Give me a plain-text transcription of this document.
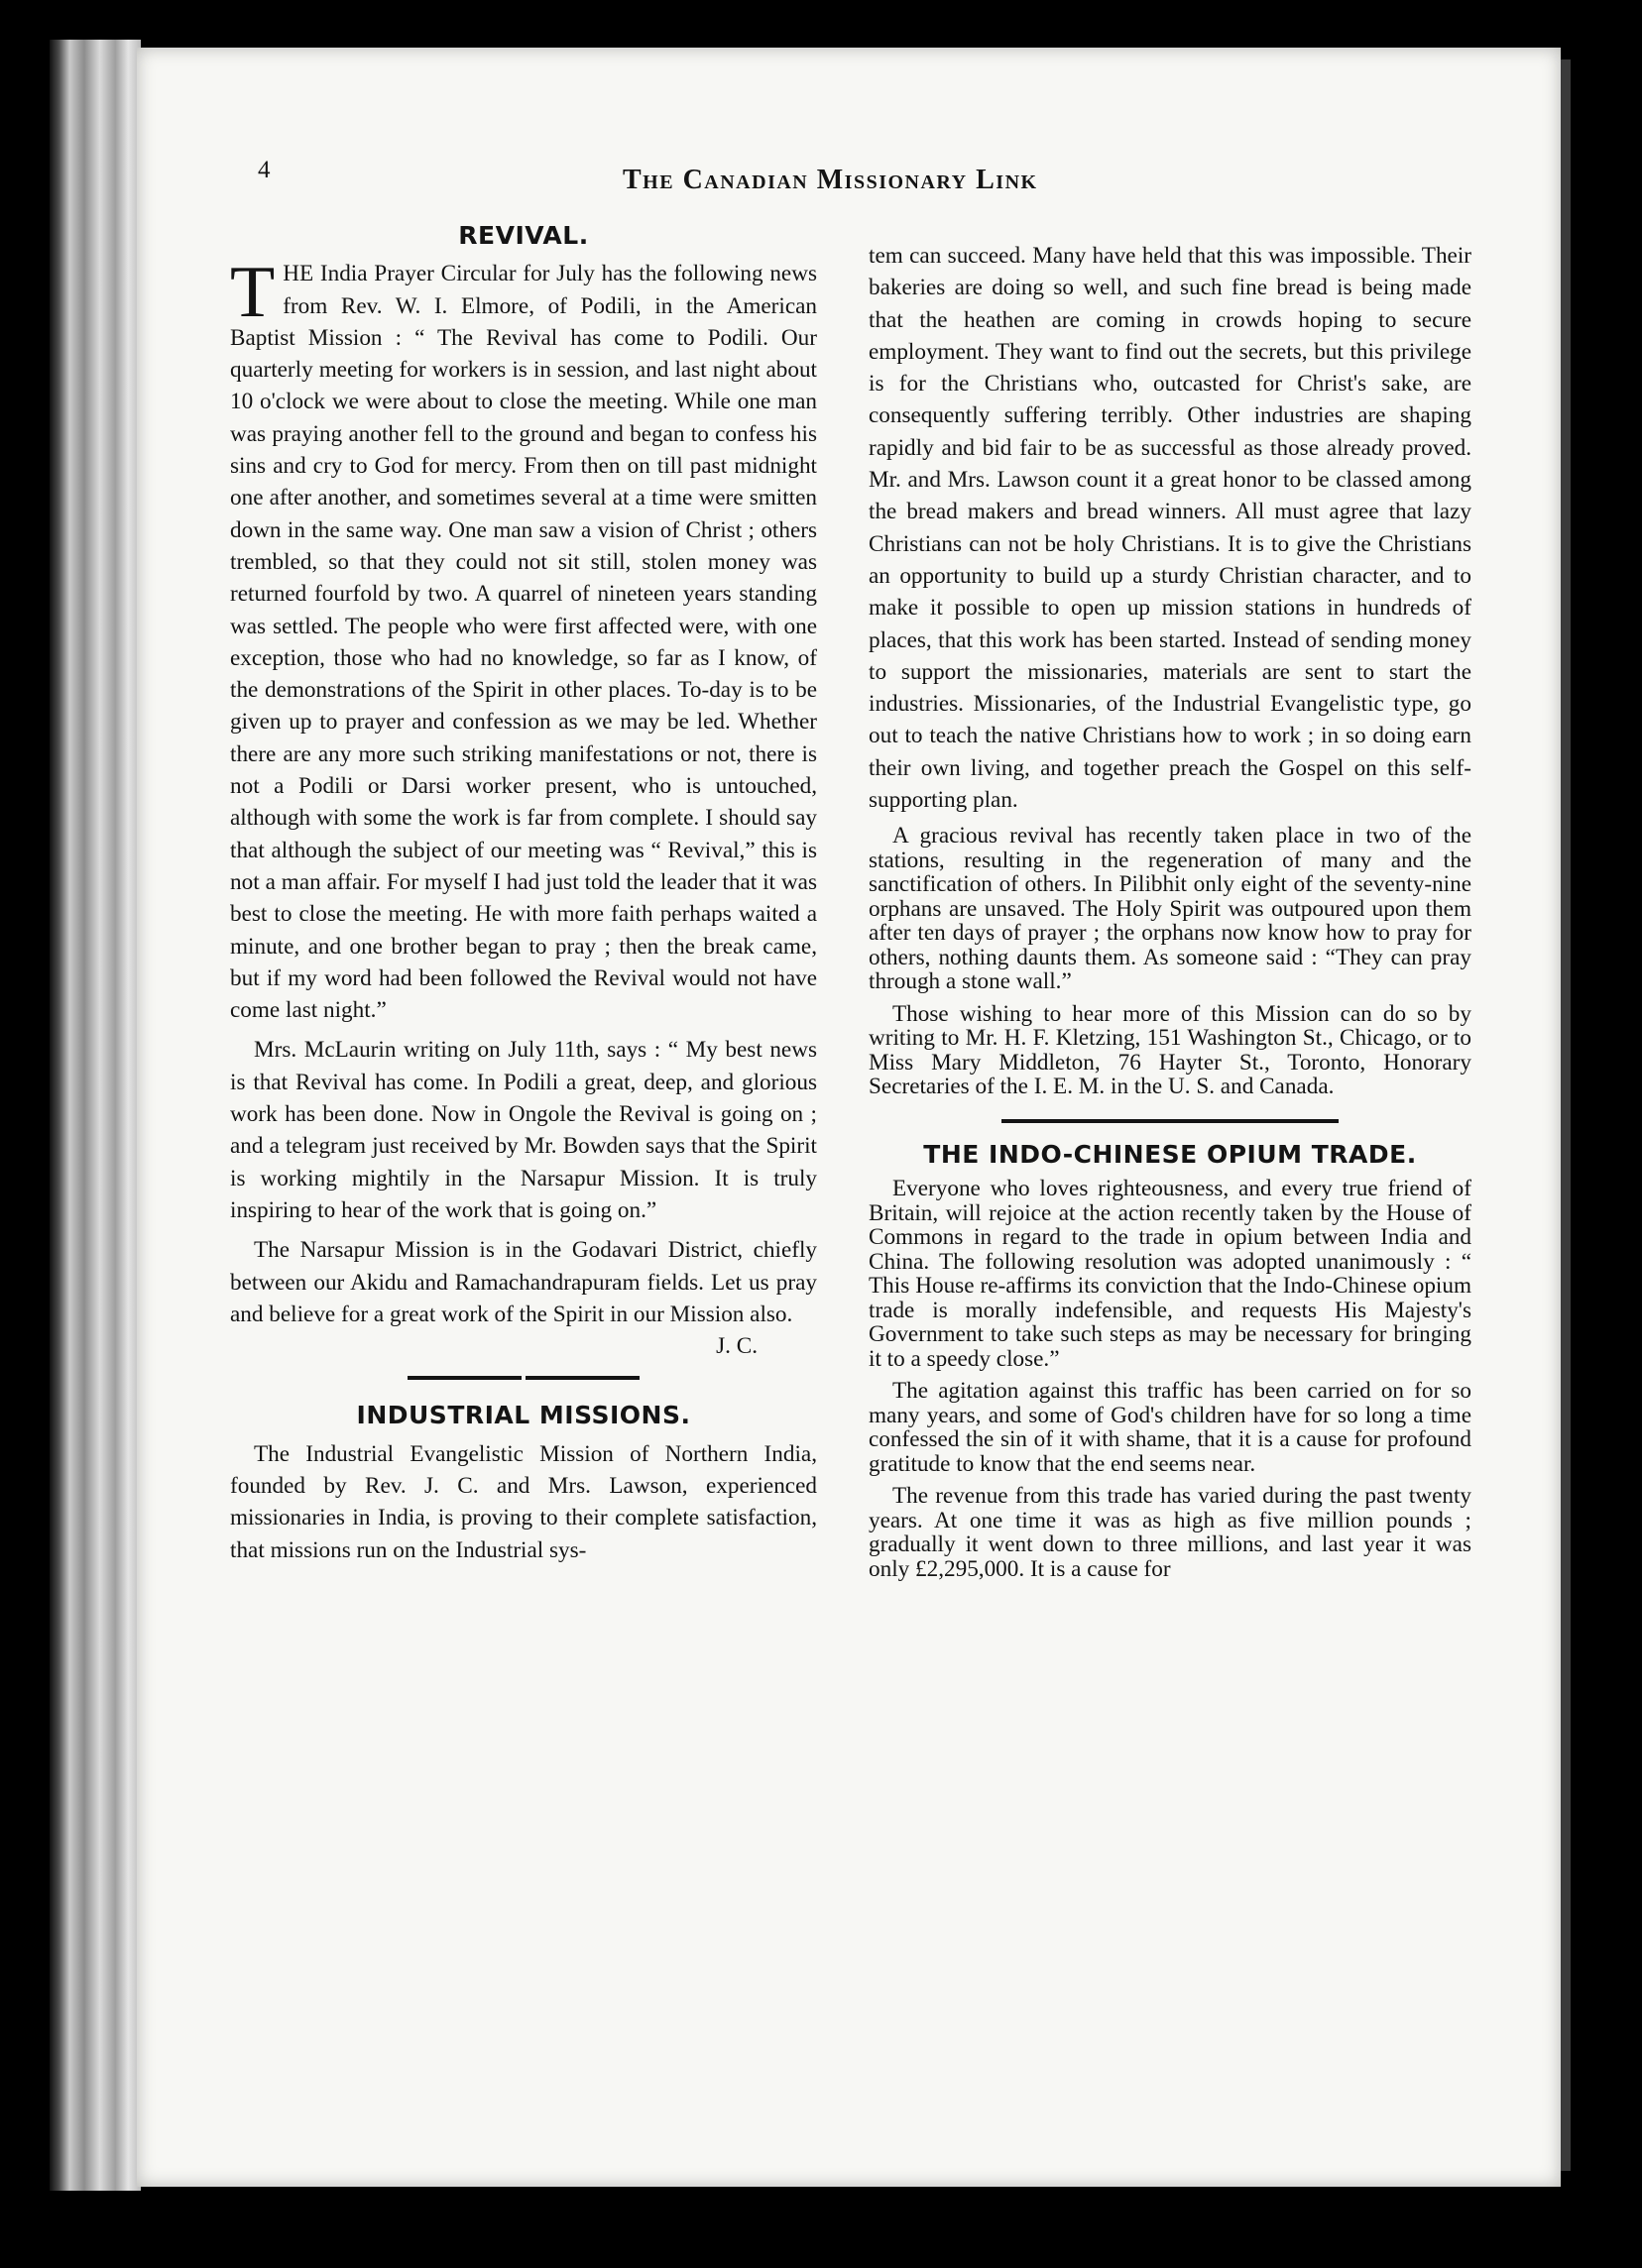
4	The Canadian Missionary Link
REVIVAL.

THE India Prayer Circular for July has the following news from Rev. W. I. Elmore, of Podili, in the American Baptist Mission : “ The Revival has come to Podili. Our quarterly meeting for workers is in session, and last night about 10 o'clock we were about to close the meeting. While one man was praying another fell to the ground and began to confess his sins and cry to God for mercy. From then on till past midnight one after another, and sometimes several at a time were smitten down in the same way. One man saw a vision of Christ ; others trembled, so that they could not sit still, stolen money was returned fourfold by two. A quarrel of nineteen years standing was settled. The people who were first affected were, with one exception, those who had no knowledge, so far as I know, of the demonstrations of the Spirit in other places. To-day is to be given up to prayer and confession as we may be led. Whether there are any more such striking manifestations or not, there is not a Podili or Darsi worker present, who is untouched, although with some the work is far from complete. I should say that although the subject of our meeting was “ Revival,” this is not a man affair. For myself I had just told the leader that it was best to close the meeting. He with more faith perhaps waited a minute, and one brother began to pray ; then the break came, but if my word had been followed the Revival would not have come last night.”

Mrs. McLaurin writing on July 11th, says : “ My best news is that Revival has come. In Podili a great, deep, and glorious work has been done. Now in Ongole the Revival is going on ; and a telegram just received by Mr. Bowden says that the Spirit is working mightily in the Narsapur Mission. It is truly inspiring to hear of the work that is going on.”

The Narsapur Mission is in the Godavari District, chiefly between our Akidu and Ramachandrapuram fields. Let us pray and believe for a great work of the Spirit in our Mission also.

J. C.
INDUSTRIAL MISSIONS.

The Industrial Evangelistic Mission of Northern India, founded by Rev. J. C. and Mrs. Lawson, experienced missionaries in India, is proving to their complete satisfaction, that missions run on the Industrial sys-

tem can succeed. Many have held that this was impossible. Their bakeries are doing so well, and such fine bread is being made that the heathen are coming in crowds hoping to secure employment. They want to find out the secrets, but this privilege is for the Christians who, outcasted for Christ's sake, are consequently suffering terribly. Other industries are shaping rapidly and bid fair to be as successful as those already proved. Mr. and Mrs. Lawson count it a great honor to be classed among the bread makers and bread winners. All must agree that lazy Christians can not be holy Christians. It is to give the Christians an opportunity to build up a sturdy Christian character, and to make it possible to open up mission stations in hundreds of places, that this work has been started. Instead of sending money to support the missionaries, materials are sent to start the industries. Missionaries, of the Industrial Evangelistic type, go out to teach the native Christians how to work ; in so doing earn their own living, and together preach the Gospel on this self-supporting plan.

A gracious revival has recently taken place in two of the stations, resulting in the regeneration of many and the sanctification of others. In Pilibhit only eight of the seventy-nine orphans are unsaved. The Holy Spirit was outpoured upon them after ten days of prayer ; the orphans now know how to pray for others, nothing daunts them. As someone said : “They can pray through a stone wall.”

Those wishing to hear more of this Mission can do so by writing to Mr. H. F. Kletzing, 151 Washington St., Chicago, or to Miss Mary Middleton, 76 Hayter St., Toronto, Honorary Secretaries of the I. E. M. in the U. S. and Canada.

THE INDO-CHINESE OPIUM TRADE.

Everyone who loves righteousness, and every true friend of Britain, will rejoice at the action recently taken by the House of Commons in regard to the trade in opium between India and China. The following resolution was adopted unanimously : “ This House re-affirms its conviction that the Indo-Chinese opium trade is morally indefensible, and requests His Majesty's Government to take such steps as may be necessary for bringing it to a speedy close.”

The agitation against this traffic has been carried on for so many years, and some of God's children have for so long a time confessed the sin of it with shame, that it is a cause for profound gratitude to know that the end seems near.

The revenue from this trade has varied during the past twenty years. At one time it was as high as five million pounds ; gradually it went down to three millions, and last year it was only £2,295,000. It is a cause for
